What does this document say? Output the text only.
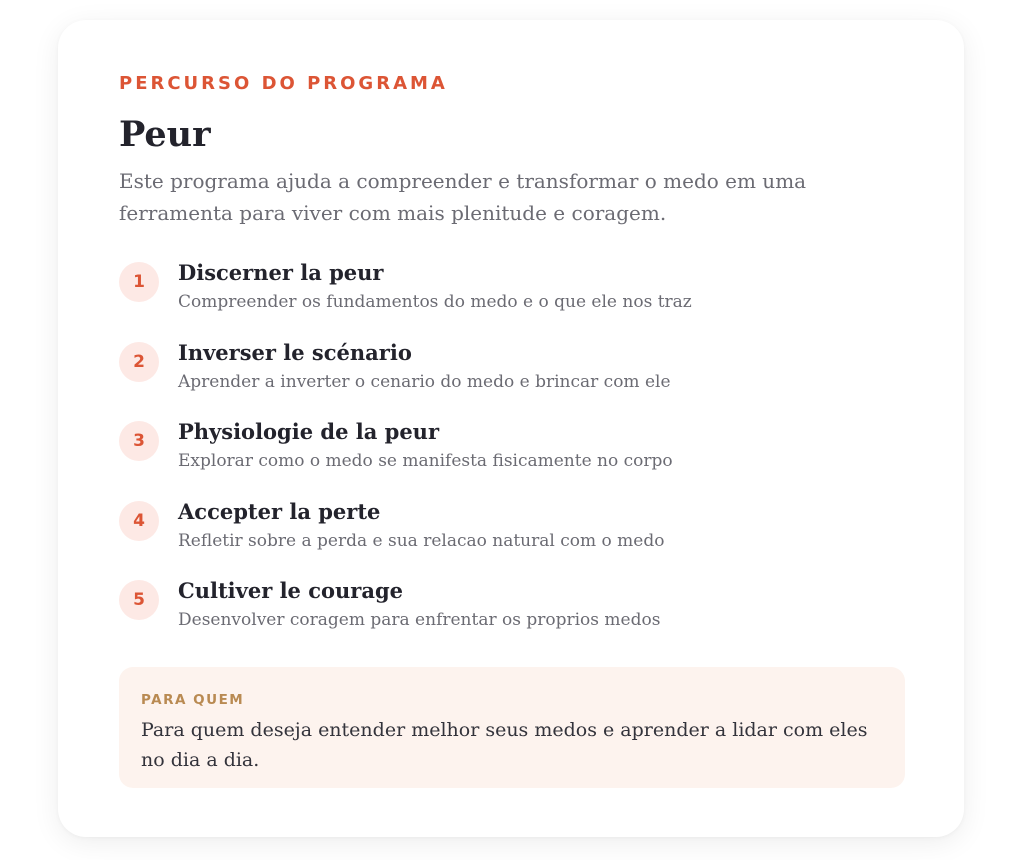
PERCURSO DO PROGRAMA

Peur

Este programa ajuda a compreender e transformar o medo em uma ferramenta para viver com mais plenitude e coragem.

1	Discerner la peur
Compreender os fundamentos do medo e o que ele nos traz
2	Inverser le scénario
Aprender a inverter o cenario do medo e brincar com ele
3	Physiologie de la peur
Explorar como o medo se manifesta fisicamente no corpo
4	Accepter la perte
Refletir sobre a perda e sua relacao natural com o medo
5	Cultiver le courage
Desenvolver coragem para enfrentar os proprios medos
PARA QUEM
Para quem deseja entender melhor seus medos e aprender a lidar com eles no dia a dia.
